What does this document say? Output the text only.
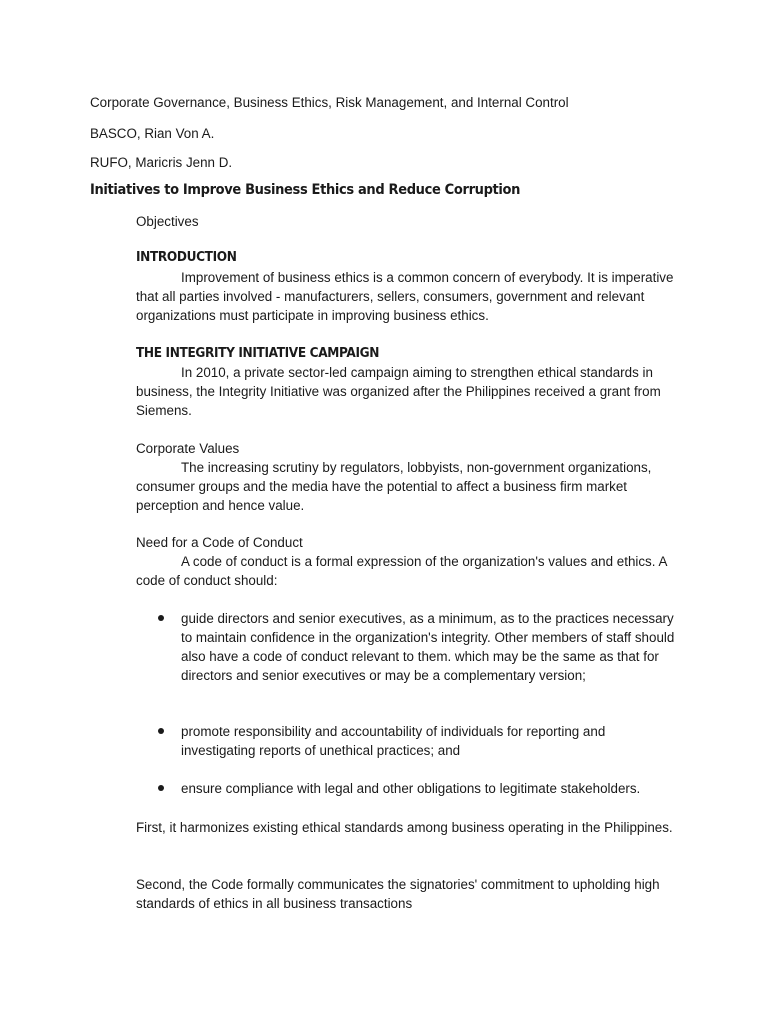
Corporate Governance, Business Ethics, Risk Management, and Internal Control
BASCO, Rian Von A.
RUFO, Maricris Jenn D.
Initiatives to Improve Business Ethics and Reduce Corruption
Objectives
INTRODUCTION
Improvement of business ethics is a common concern of everybody. It is imperative that all parties involved - manufacturers, sellers, consumers, government and relevant organizations must participate in improving business ethics.
THE INTEGRITY INITIATIVE CAMPAIGN
In 2010, a private sector-led campaign aiming to strengthen ethical standards in business, the Integrity Initiative was organized after the Philippines received a grant from Siemens.
Corporate Values
The increasing scrutiny by regulators, lobbyists, non-government organizations, consumer groups and the media have the potential to affect a business firm market perception and hence value.
Need for a Code of Conduct
A code of conduct is a formal expression of the organization's values and ethics. A code of conduct should:
guide directors and senior executives, as a minimum, as to the practices necessary to maintain confidence in the organization's integrity. Other members of staff should also have a code of conduct relevant to them. which may be the same as that for directors and senior executives or may be a complementary version;
promote responsibility and accountability of individuals for reporting and investigating reports of unethical practices; and
ensure compliance with legal and other obligations to legitimate stakeholders.
First, it harmonizes existing ethical standards among business operating in the Philippines.
Second, the Code formally communicates the signatories' commitment to upholding high standards of ethics in all business transactions
